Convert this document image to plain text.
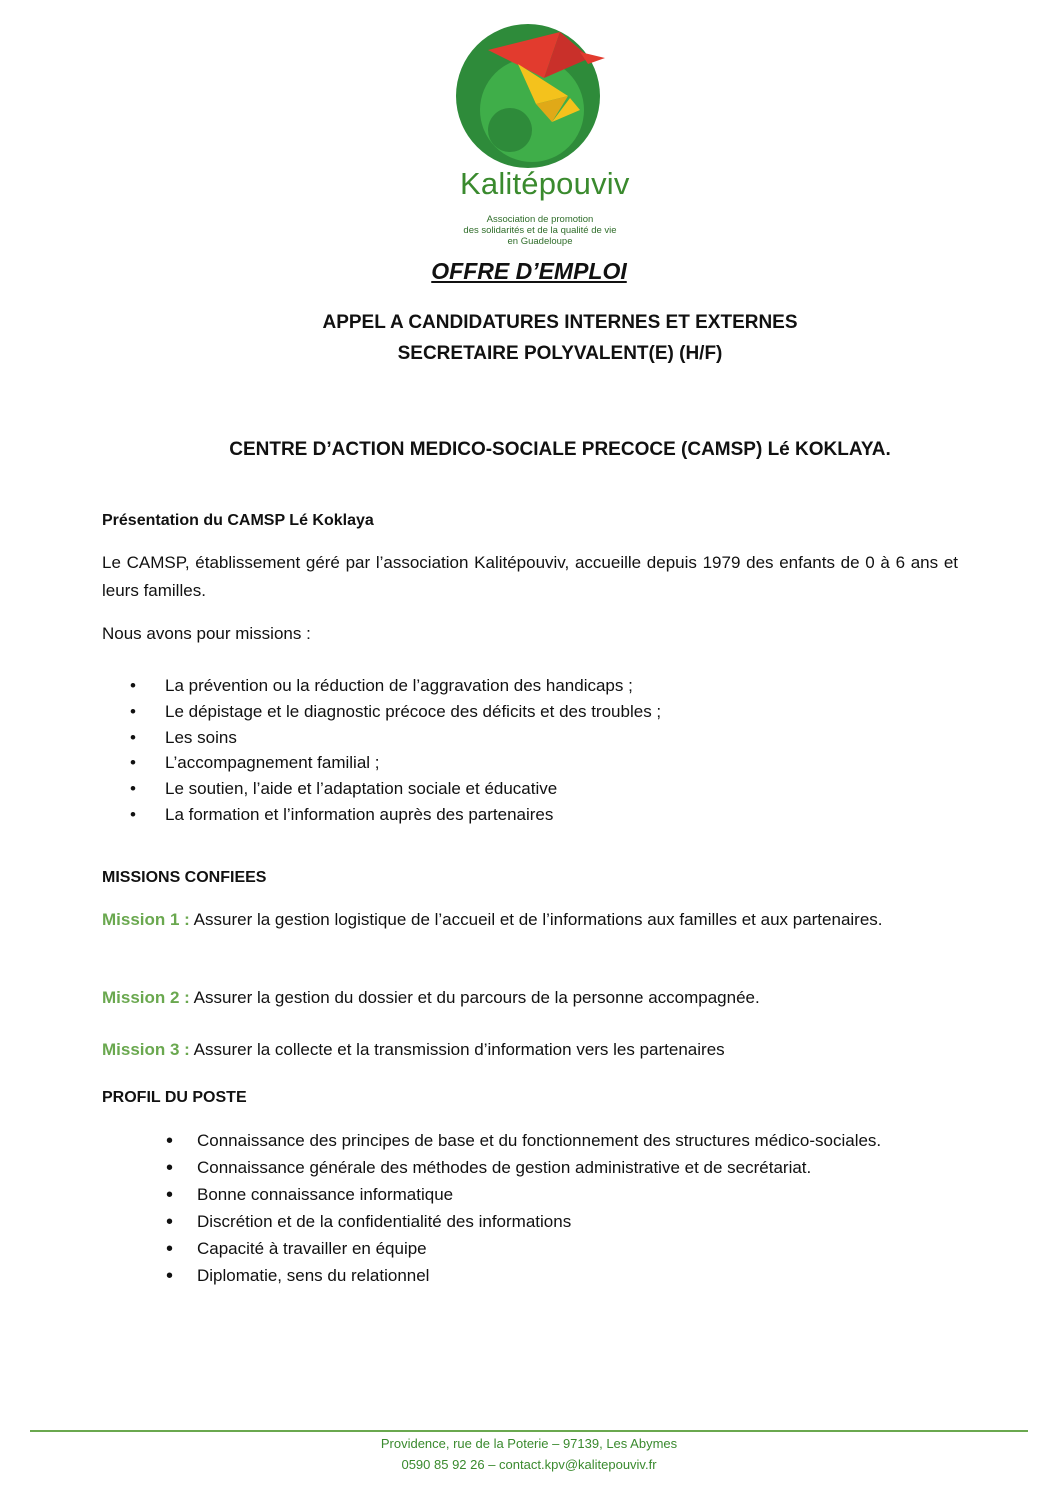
Kalitépouviv
Association de promotion
des solidarités et de la qualité de vie
en Guadeloupe
OFFRE D’EMPLOI
APPEL A CANDIDATURES INTERNES ET EXTERNES
SECRETAIRE POLYVALENT(E) (H/F)
CENTRE D’ACTION MEDICO-SOCIALE PRECOCE (CAMSP) Lé KOKLAYA.
Présentation du CAMSP Lé Koklaya
Le CAMSP, établissement géré par l’association Kalitépouviv, accueille depuis 1979 des enfants de 0 à 6 ans et leurs familles.
Nous avons pour missions :
• La prévention ou la réduction de l’aggravation des handicaps ;
• Le dépistage et le diagnostic précoce des déficits et des troubles ;
• Les soins
• L’accompagnement familial ;
• Le soutien, l’aide et l’adaptation sociale et éducative
• La formation et l’information auprès des partenaires
MISSIONS CONFIEES
Mission 1 : Assurer la gestion logistique de l’accueil et de l’informations aux familles et aux partenaires.
Mission 2 : Assurer la gestion du dossier et du parcours de la personne accompagnée.
Mission 3 : Assurer la collecte et la transmission d’information vers les partenaires
PROFIL DU POSTE
• Connaissance des principes de base et du fonctionnement des structures médico-sociales.
• Connaissance générale des méthodes de gestion administrative et de secrétariat.
• Bonne connaissance informatique
• Discrétion et de la confidentialité des informations
• Capacité à travailler en équipe
• Diplomatie, sens du relationnel
Providence, rue de la Poterie – 97139, Les Abymes
0590 85 92 26 – contact.kpv@kalitepouviv.fr
